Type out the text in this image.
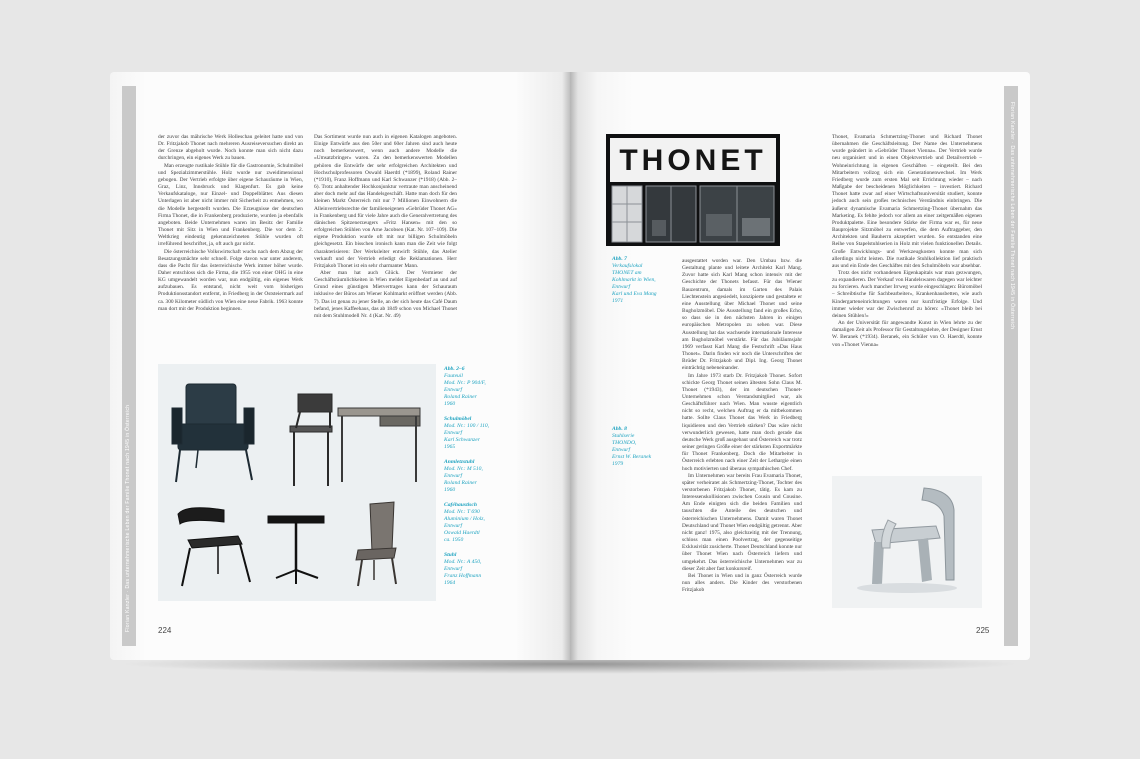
Florian Kanzler · Das unternehmerische Leben der Familie Thonet nach 1945 in Österreich

der zuvor das mährische Werk Holleschau geleitet hatte und von Dr. Fritzjakob Thonet nach mehreren Ausreiseversuchen direkt an der Grenze abgeholt wurde. Noch konnte man sich nicht dazu durchringen, ein eigenes Werk zu bauen.

Man erzeugte rustikale Stühle für die Gastronomie, Schulmöbel und Spezialzimmerstühle. Holz wurde nur zweidimensional gebogen. Der Vertrieb erfolgte über eigene Schauräume in Wien, Graz, Linz, Innsbruck und Klagenfurt. Es gab keine Verkaufskataloge, nur Einzel- und Doppelblätter. Aus diesen Unterlagen ist aber nicht immer mit Sicherheit zu entnehmen, wo die Modelle hergestellt wurden. Die Erzeugnisse der deutschen Firma Thonet, die in Frankenberg produzierte, wurden ja ebenfalls angeboten. Beide Unternehmen waren im Besitz der Familie Thonet mit Sitz in Wien und Frankenberg. Die vor dem 2. Weltkrieg eindeutig gekennzeichneten Stühle wurden oft irreführend beschriftet, ja, oft auch gar nicht.

Die österreichische Volkswirtschaft wuchs nach dem Abzug der Besatzungsmächte sehr schnell. Folge davon war unter anderem, dass die Pacht für das österreichische Werk immer höher wurde. Daher entschloss sich die Firma, die 1955 von einer OHG in eine KG umgewandelt worden war, nun endgültig, ein eigenes Werk aufzubauen. Es entstand, nicht weit vom bisherigen Produktionsstandort entfernt, in Friedberg in der Oststeiermark auf ca. 300 Kilometer südlich von Wien eine neue Fabrik. 1963 konnte man dort mit der Produktion beginnen.

Das Sortiment wurde nun auch in eigenen Katalogen angeboten. Einige Entwürfe aus den 50er und 60er Jahren sind auch heute noch bemerkenswert, wenn auch andere Modelle die «Umsatzbringer» waren. Zu den bemerkenswerten Modellen gehören die Entwürfe der sehr erfolgreichen Architekten und Hochschulprofessoren Oswald Haerdtl (*1899), Roland Rainer (*1910), Franz Hoffmann und Karl Schwanzer (*1918) (Abb. 2–6). Trotz anhaltender Hochkonjunktur vertraute man anscheinend aber doch mehr auf das Handelsgeschäft. Hatte man doch für den kleinen Markt Österreich mit nur 7 Millionen Einwohnern die Alleinvertriebsrechte der familieneigenen «Gebrüder Thonet AG» in Frankenberg und für viele Jahre auch die Generalvertretung des dänischen Spitzenerzeugers «Fritz Hansen» mit den so erfolgreichen Stühlen von Arne Jacobsen (Kat. Nr. 107–109). Die eigene Produktion wurde oft mit nur billigen Schulmöbeln gleichgesetzt. Ein bisschen ironisch kann man die Zeit wie folgt charakterisieren: Der Werksleiter entwirft Stühle, das Atelier verkauft und der Vertrieb erledigt die Reklamationen. Herr Fritzjakob Thonet ist ein sehr charmanter Mann.

Aber man hat auch Glück. Der Vermieter der Geschäftsräumlichkeiten in Wien meldet Eigenbedarf an und auf Grund eines günstigen Mietvertrages kann der Schauraum inklusive der Büros am Wiener Kohlmarkt eröffnet werden (Abb. 7). Das ist genau zu jener Stelle, an der sich heute das Café Daum befand, jenes Kaffeehaus, das ab 1849 schon von Michael Thonet mit dem Stuhlmodell Nr. 4 (Kat. Nr. 49)

Abb. 2–6
Fauteuil
Mod. Nr.: P 904/F,
Entwurf
Roland Rainer
1960
Schulmöbel
Mod. Nr.: 100 / 110,
Entwurf
Karl Schwanzer
1965
Anmletzstuhl
Mod. Nr.: M 510,
Entwurf
Roland Rainer
1960
Caféhaustisch
Mod. Nr.: T 690
Aluminium / Holz,
Entwurf
Oswald Haerdtl
ca. 1950
Stuhl
Mod. Nr.: A 450,
Entwurf
Franz Hoffmann
1964
224
Florian Kanzler · Das unternehmerische Leben der Familie Thonet nach 1945 in Österreich
THONET
Abb. 7
Verkaufslokal
THONET am
Kohlmarkt in Wien,
Entwurf
Karl und Eva Mang
1971
Abb. 8
Stuhlserie
THONDO,
Entwurf
Ernst W. Beranek
1979

ausgestattet worden war. Den Umbau bzw. die Gestaltung plante und leitete Architekt Karl Mang. Zuvor hatte sich Karl Mang schon intensiv mit der Geschichte der Thonets befasst. Für das Wiener Bauzentrum, damals im Garten des Palais Liechtenstein angesiedelt, konzipierte und gestaltete er eine Ausstellung über Michael Thonet und seine Bugholzmöbel. Die Ausstellung fand ein großes Echo, so dass sie in den nächsten Jahren in einigen europäischen Metropolen zu sehen war. Diese Ausstellung hat das wachsende internationale Interesse am Bugholzmöbel verstärkt. Für das Jubiläumsjahr 1969 verfasst Karl Mang die Festschrift «Das Haus Thonet». Darin finden wir noch die Unterschriften der Brüder Dr. Fritzjakob und Dipl. Ing. Georg Thonet einträchtig nebeneinander.

Im Jahre 1973 starb Dr. Fritzjakob Thonet. Sofort schickte Georg Thonet seinen ältesten Sohn Claus M. Thonet (*1943), der im deutschen Thonet-Unternehmen schon Verstandsmitglied war, als Geschäftsführer nach Wien. Man wusste eigentlich nicht so recht, welchen Auftrag er da mitbekommen hatte. Sollte Claus Thonet das Werk in Friedberg liquidieren und den Vertrieb stärken? Das wäre nicht verwunderlich gewesen, hatte man doch gerade das deutsche Werk groß ausgebaut und Österreich war trotz seiner geringen Größe einer der stärksten Exportmärkte für Thonet Frankenberg. Doch die Mitarbeiter in Österreich erlebten nach einer Zeit der Lethargie einen hoch motivierten und überaus sympathischen Chef.

Im Unternehmen war bereits Frau Evamaria Thonet, später verheiratet als Schmertzing-Thonet, Tochter des verstorbenen Fritzjakob Thonet, tätig. Es kam zu Interessenskollisionen zwischen Cousin und Cousine. Am Ende einigten sich die beiden Familien und tauschten die Anteile des deutschen und österreichischen Unternehmens. Damit waren Thonet Deutschland und Thonet Wien endgültig getrennt. Aber nicht ganz! 1975, also gleichzeitig mit der Trennung, schloss man einen Poolvertrag, der gegenseitige Exklusivität zusicherte. Thonet Deutschland konnte nur über Thonet Wien nach Österreich liefern und umgekehrt. Das österreichische Unternehmen war zu dieser Zeit aber fast konkursreif.

Bei Thonet in Wien und in ganz Österreich wurde nun alles anders. Die Kinder des verstorbenen Fritzjakob

Thonet, Evamaria Schmertzing-Thonet und Richard Thonet übernahmen die Geschäftsleitung. Der Name des Unternehmens wurde geändert in «Gebrüder Thonet Vienna». Der Vertrieb wurde neu organisiert und in einen Objektvertrieb und Detailvertrieb – Wohneinrichtung in eigenen Geschäften – eingeteilt. Bei den Mitarbeitern vollzog sich ein Generationenwechsel. Im Werk Friedberg wurde zum ersten Mal seit Errichtung wieder – nach Maßgabe der bescheidenen Möglichkeiten – investiert. Richard Thonet hatte zwar auf einer Wirtschaftsuniversität studiert, konnte jedoch auch sein großes technisches Verständnis einbringen. Die äußerst dynamische Evamaria Schmertzing-Thonet übernahm das Marketing. Es fehlte jedoch vor allem an einer zeitgemäßen eigenen Produktpalette. Eine besondere Stärke der Firma war es, für neue Bauprojekte Sitzmöbel zu entwerfen, die dem Auftraggeber, den Architekten und Bauherrn akzeptiert wurden. So entstanden eine Reihe von Stapelstuhlserien in Holz mit vielen funktionellen Details. Große Entwicklungs- und Werkzeugkosten konnte man sich allerdings nicht leisten. Die rustikale Stuhlkollektion lief praktisch aus und ein Ende des Geschäftes mit den Schulmöbeln war absehbar.

Trotz des nicht vorhandenen Eigenkapitals war man gezwungen, zu expandieren. Der Verkauf von Handelswaren dagegen war leichter zu forcieren. Auch mancher Irrweg wurde eingeschlagen: Büromöbel – Schreibtische für Sachbearbeiter», Krankenhausbetten, wie auch Kindergarteneinrichtungen waren nur kurzfristige Erfolge. Und immer wieder war der Zwischenruf zu hören: «Thonet bleib bei deinen Stühlen!»

An der Universität für angewandte Kunst in Wien lehrte zu der damaligen Zeit als Professor für Gestaltungslehre, der Designer Ernst W. Beranek (*1934). Beranek, ein Schüler von O. Haerdtl, konnte von «Thonet Vienna»

225
